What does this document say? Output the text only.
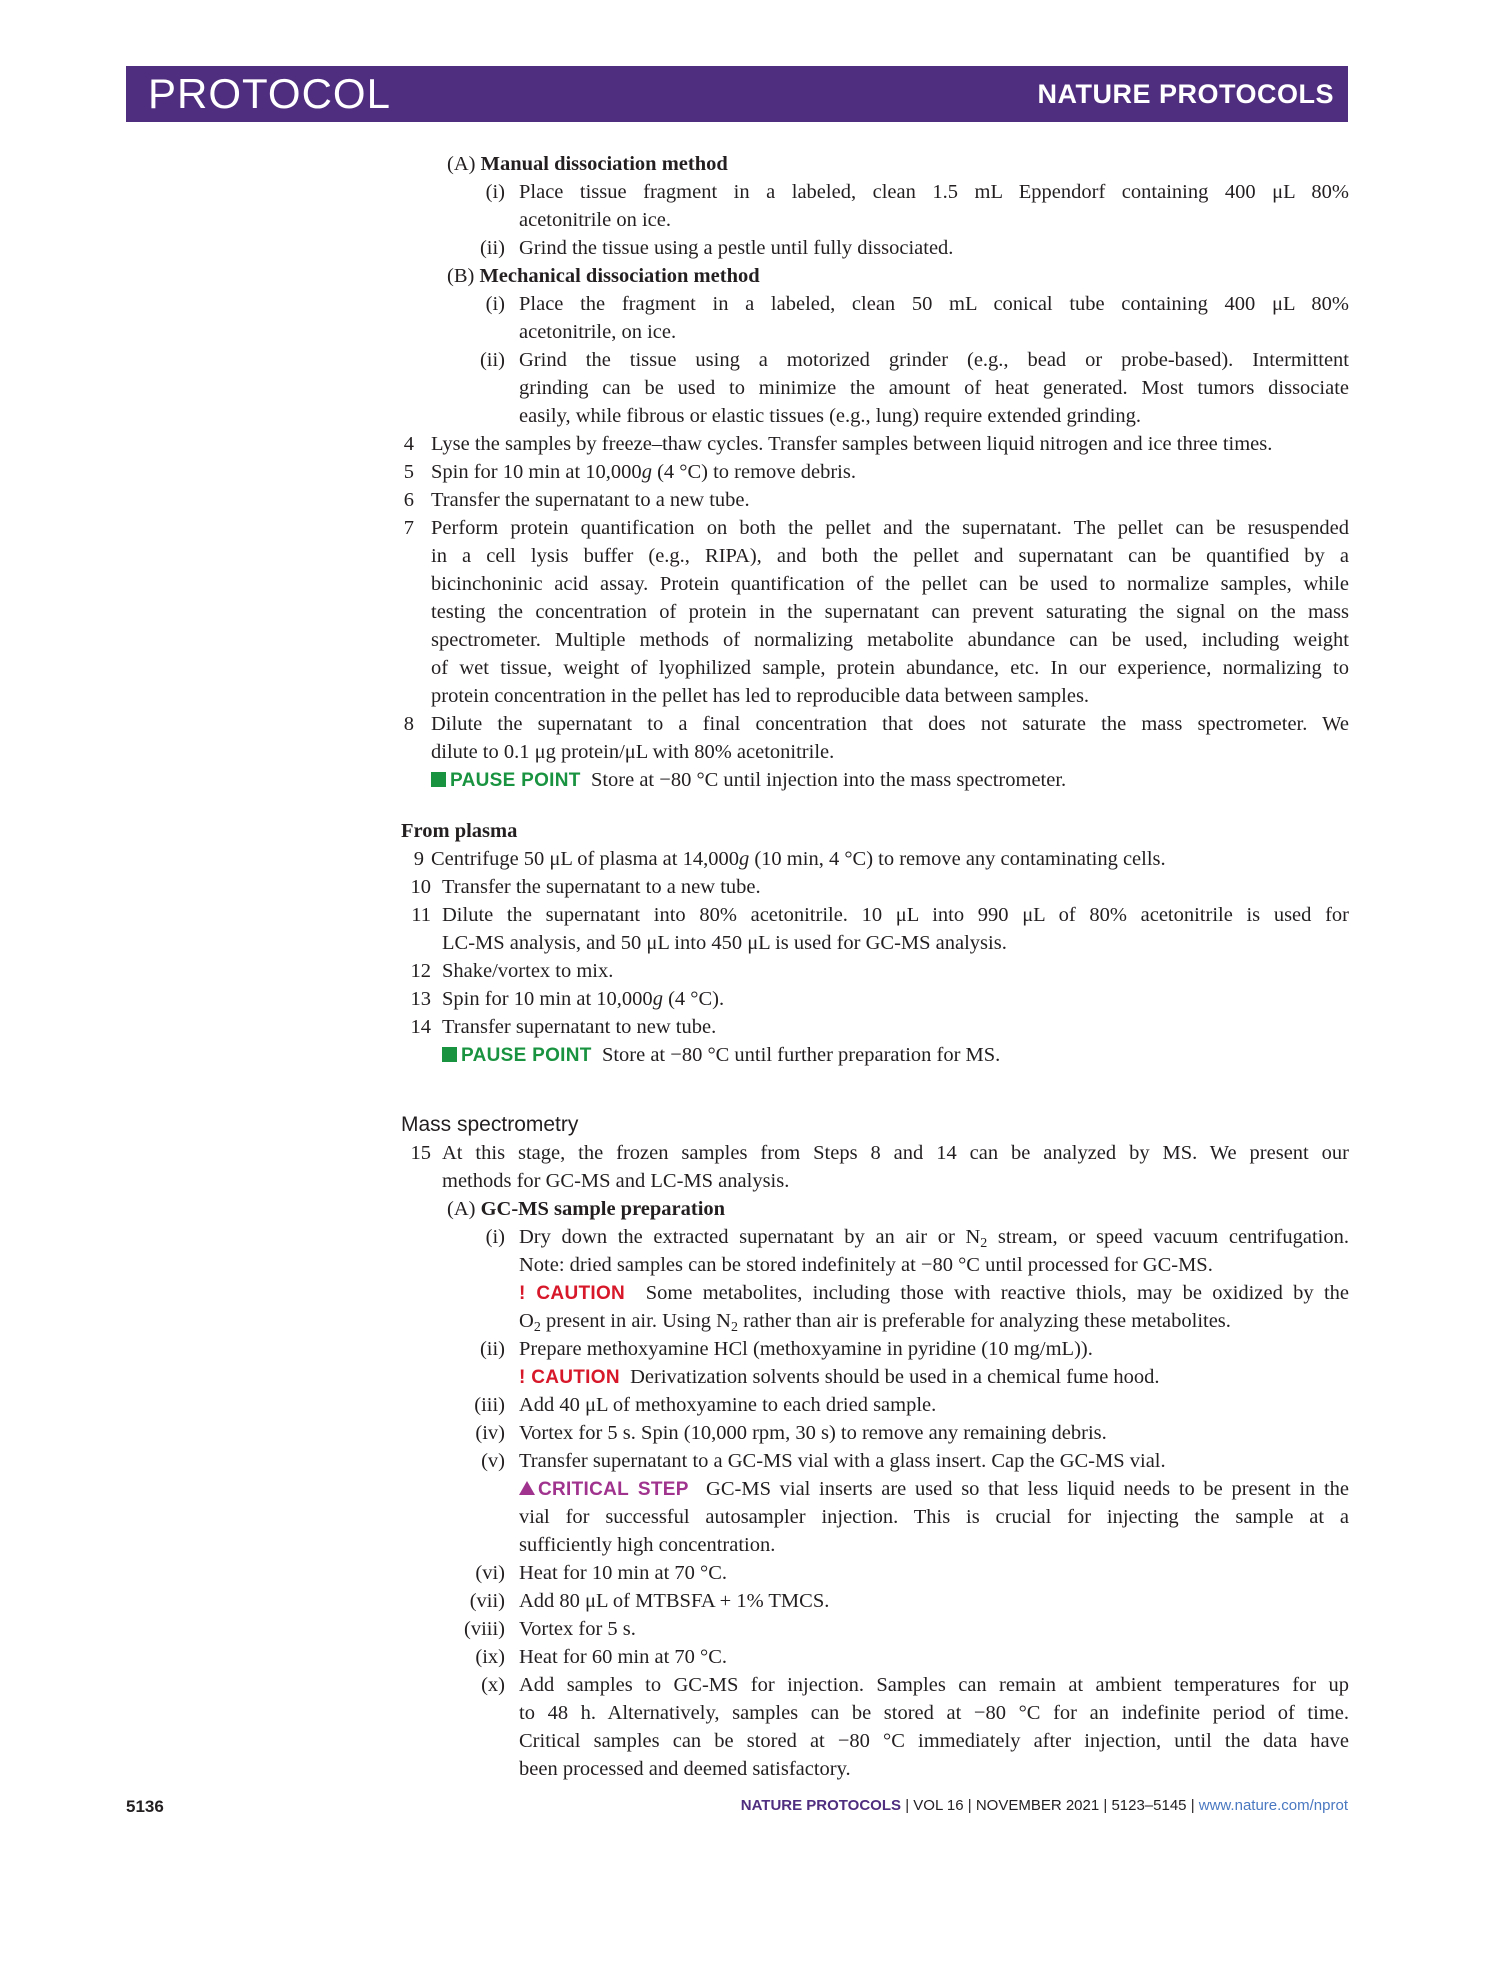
PROTOCOL	NATURE PROTOCOLS
(A) Manual dissociation method
(i) Place tissue fragment in a labeled, clean 1.5 mL Eppendorf containing 400 μL 80%
acetonitrile on ice.
(ii) Grind the tissue using a pestle until fully dissociated.
(B) Mechanical dissociation method
(i) Place the fragment in a labeled, clean 50 mL conical tube containing 400 μL 80%
acetonitrile, on ice.
(ii) Grind the tissue using a motorized grinder (e.g., bead or probe-based). Intermittent
grinding can be used to minimize the amount of heat generated. Most tumors dissociate
easily, while fibrous or elastic tissues (e.g., lung) require extended grinding.
4 Lyse the samples by freeze–thaw cycles. Transfer samples between liquid nitrogen and ice three times.
5 Spin for 10 min at 10,000g (4 °C) to remove debris.
6 Transfer the supernatant to a new tube.
7 Perform protein quantification on both the pellet and the supernatant. The pellet can be resuspended
in a cell lysis buffer (e.g., RIPA), and both the pellet and supernatant can be quantified by a
bicinchoninic acid assay. Protein quantification of the pellet can be used to normalize samples, while
testing the concentration of protein in the supernatant can prevent saturating the signal on the mass
spectrometer. Multiple methods of normalizing metabolite abundance can be used, including weight
of wet tissue, weight of lyophilized sample, protein abundance, etc. In our experience, normalizing to
protein concentration in the pellet has led to reproducible data between samples.
8 Dilute the supernatant to a final concentration that does not saturate the mass spectrometer. We
dilute to 0.1 μg protein/μL with 80% acetonitrile.
PAUSE POINT Store at −80 °C until injection into the mass spectrometer.
From plasma
9 Centrifuge 50 μL of plasma at 14,000g (10 min, 4 °C) to remove any contaminating cells.
10 Transfer the supernatant to a new tube.
11 Dilute the supernatant into 80% acetonitrile. 10 μL into 990 μL of 80% acetonitrile is used for
LC-MS analysis, and 50 μL into 450 μL is used for GC-MS analysis.
12 Shake/vortex to mix.
13 Spin for 10 min at 10,000g (4 °C).
14 Transfer supernatant to new tube.
PAUSE POINT Store at −80 °C until further preparation for MS.
Mass spectrometry
15 At this stage, the frozen samples from Steps 8 and 14 can be analyzed by MS. We present our
methods for GC-MS and LC-MS analysis.
(A) GC-MS sample preparation
(i) Dry down the extracted supernatant by an air or $N_2$ stream, or speed vacuum centrifugation.
Note: dried samples can be stored indefinitely at −80 °C until processed for GC-MS.
! CAUTION Some metabolites, including those with reactive thiols, may be oxidized by the
$O_2$ present in air. Using $N_2$ rather than air is preferable for analyzing these metabolites.
(ii) Prepare methoxyamine HCl (methoxyamine in pyridine (10 mg/mL)).
! CAUTION Derivatization solvents should be used in a chemical fume hood.
(iii) Add 40 μL of methoxyamine to each dried sample.
(iv) Vortex for 5 s. Spin (10,000 rpm, 30 s) to remove any remaining debris.
(v) Transfer supernatant to a GC-MS vial with a glass insert. Cap the GC-MS vial.
CRITICAL STEP GC-MS vial inserts are used so that less liquid needs to be present in the
vial for successful autosampler injection. This is crucial for injecting the sample at a
sufficiently high concentration.
(vi) Heat for 10 min at 70 °C.
(vii) Add 80 μL of MTBSFA + 1% TMCS.
(viii) Vortex for 5 s.
(ix) Heat for 60 min at 70 °C.
(x) Add samples to GC-MS for injection. Samples can remain at ambient temperatures for up
to 48 h. Alternatively, samples can be stored at −80 °C for an indefinite period of time.
Critical samples can be stored at −80 °C immediately after injection, until the data have
been processed and deemed satisfactory.
5136	NATURE PROTOCOLS | VOL 16 | NOVEMBER 2021 | 5123–5145 | www.nature.com/nprot
